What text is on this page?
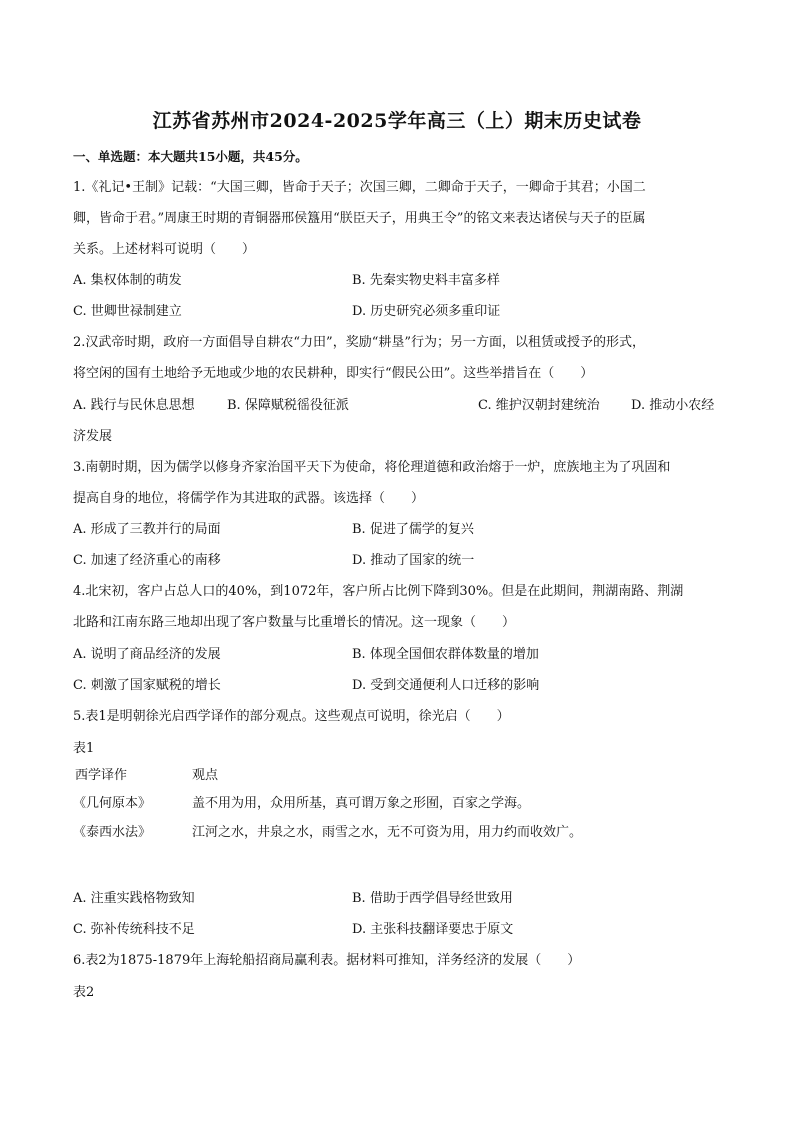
江苏省苏州市2024-2025学年高三（上）期末历史试卷
一、单选题：本大题共15小题，共45分。
1.《礼记•王制》记载：“大国三卿，皆命于天子；次国三卿，二卿命于天子，一卿命于其君；小国二
卿，皆命于君。”周康王时期的青铜器邢侯簋用“朕臣天子，用典王令”的铭文来表达诸侯与天子的臣属
关系。上述材料可说明（　　）
A. 集权体制的萌发	B. 先秦实物史料丰富多样
C. 世卿世禄制建立	D. 历史研究必须多重印证
2.汉武帝时期，政府一方面倡导自耕农“力田”，奖励“耕垦”行为；另一方面，以租赁或授予的形式，
将空闲的国有土地给予无地或少地的农民耕种，即实行“假民公田”。这些举措旨在（　　）
A. 践行与民休息思想 B. 保障赋税徭役征派	C. 维护汉朝封建统治 D. 推动小农经
济发展
3.南朝时期，因为儒学以修身齐家治国平天下为使命，将伦理道德和政治熔于一炉，庶族地主为了巩固和
提高自身的地位，将儒学作为其进取的武器。该选择（　　）
A. 形成了三教并行的局面	B. 促进了儒学的复兴
C. 加速了经济重心的南移	D. 推动了国家的统一
4.北宋初，客户占总人口的40%，到1072年，客户所占比例下降到30%。但是在此期间，荆湖南路、荆湖
北路和江南东路三地却出现了客户数量与比重增长的情况。这一现象（　　）
A. 说明了商品经济的发展	B. 体现全国佃农群体数量的增加
C. 刺激了国家赋税的增长	D. 受到交通便利人口迁移的影响
5.表1是明朝徐光启西学译作的部分观点。这些观点可说明，徐光启（　　）
表1
西学译作	观点
《几何原本》	盖不用为用，众用所基，真可谓万象之形囿，百家之学海。
《泰西水法》	江河之水，井泉之水，雨雪之水，无不可资为用，用力约而收效广。
A. 注重实践格物致知	B. 借助于西学倡导经世致用
C. 弥补传统科技不足	D. 主张科技翻译要忠于原文
6.表2为1875-1879年上海轮船招商局赢利表。据材料可推知，洋务经济的发展（　　）
表2
